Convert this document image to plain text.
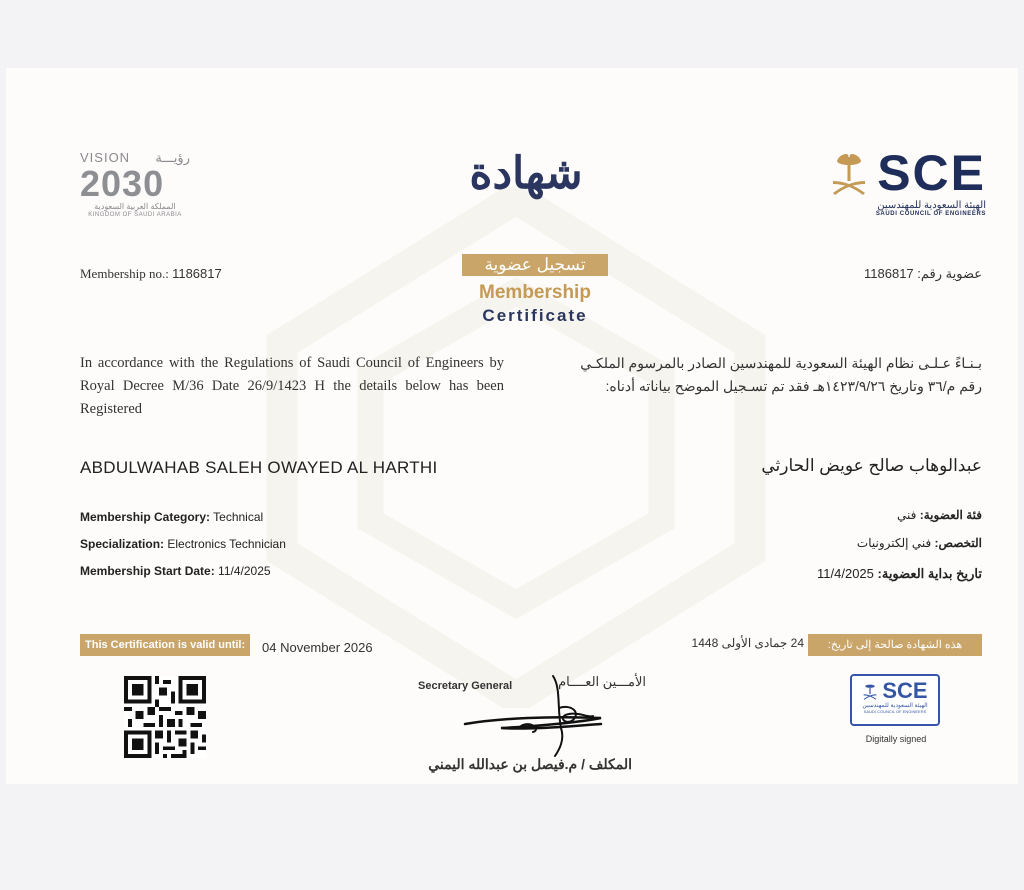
VISION رؤيـــة
2030
المملكة العربية السعودية
KINGDOM OF SAUDI ARABIA
SCE
الهيئة السعودية للمهندسين
SAUDI COUNCIL OF ENGINEERS
شهادة
تسجيل عضوية
Membership
Certificate
Membership no.: 1186817	عضوية رقم: 1186817
In accordance with the Regulations of Saudi Council of Engineers by Royal Decree M/36 Date 26/9/1423 H the details below has been Registered
بـنـاءً عـلـى نظام الهيئة السعودية للمهندسين الصادر بالمرسوم الملكـي رقم م/٣٦ وتاريخ ١٤٢٣/٩/٢٦هـ فقد تم تسـجيل الموضح بياناته أدناه:
ABDULWAHAB SALEH OWAYED AL HARTHI	عبدالوهاب صالح عويض الحارثي
Membership Category: Technical
Specialization: Electronics Technician
Membership Start Date: 11/4/2025
فئة العضوية: فني
التخصص: فني إلكترونيات
تاريخ بداية العضوية: 11/4/2025
This Certification is valid until:	04 November 2026	24 جمادى الأولى 1448	هذه الشهادة صالحة إلى تاريخ:
Secretary General	الأمـــين العــــام
المكلف / م.فيصل بن عبدالله اليمني
SCE
الهيئة السعودية للمهندسين
SAUDI COUNCIL OF ENGINEERS
Digitally signed
